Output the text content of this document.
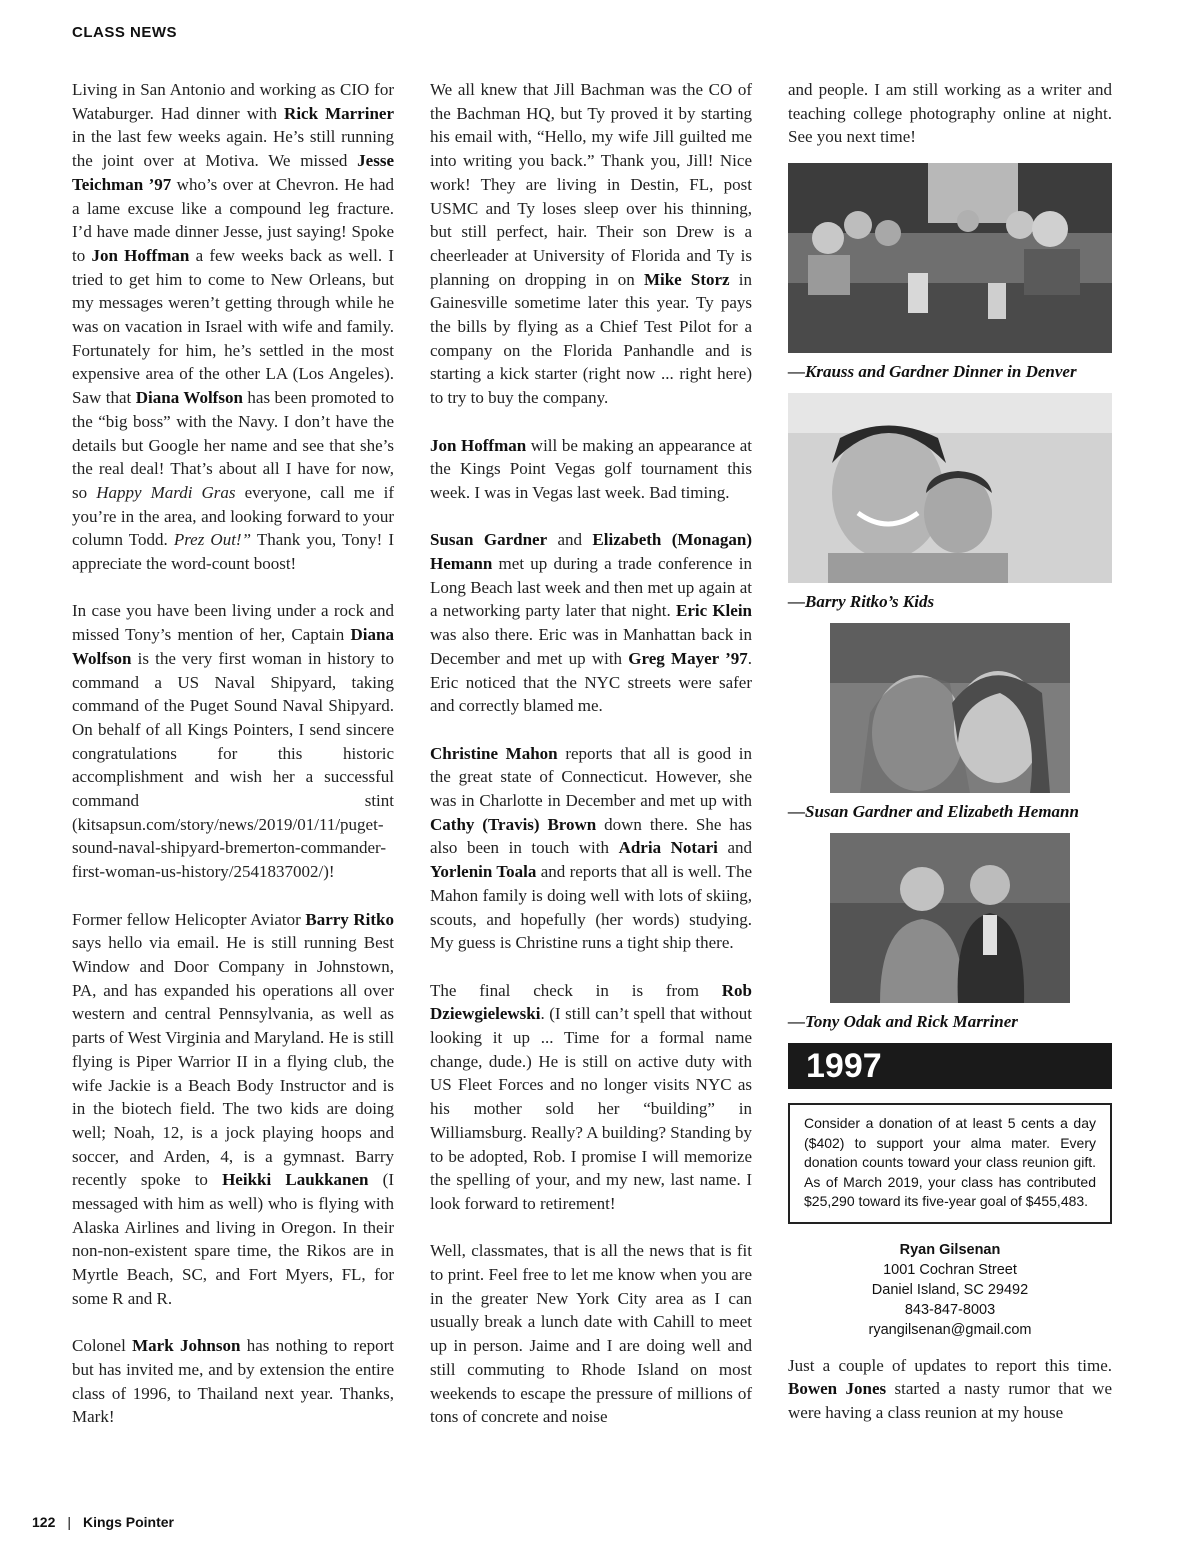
CLASS NEWS

Living in San Antonio and working as CIO for Wataburger. Had dinner with Rick Marriner in the last few weeks again. He’s still running the joint over at Motiva. We missed Jesse Teichman ’97 who’s over at Chevron. He had a lame excuse like a compound leg fracture. I’d have made dinner Jesse, just saying! Spoke to Jon Hoffman a few weeks back as well. I tried to get him to come to New Orleans, but my messages weren’t getting through while he was on vacation in Israel with wife and family. Fortunately for him, he’s settled in the most expensive area of the other LA (Los Angeles). Saw that Diana Wolfson has been promoted to the “big boss” with the Navy. I don’t have the details but Google her name and see that she’s the real deal! That’s about all I have for now, so Happy Mardi Gras everyone, call me if you’re in the area, and looking forward to your column Todd. Prez Out!” Thank you, Tony! I appreciate the word-count boost!

In case you have been living under a rock and missed Tony’s mention of her, Captain Diana Wolfson is the very first woman in history to command a US Naval Shipyard, taking command of the Puget Sound Naval Shipyard. On behalf of all Kings Pointers, I send sincere congratulations for this historic accomplishment and wish her a successful command stint (kitsapsun.com/story/news/2019/01/11/puget-sound-naval-shipyard-bremerton-commander-first-woman-us-history/2541837002/)!

Former fellow Helicopter Aviator Barry Ritko says hello via email. He is still running Best Window and Door Company in Johnstown, PA, and has expanded his operations all over western and central Pennsylvania, as well as parts of West Virginia and Maryland. He is still flying is Piper Warrior II in a flying club, the wife Jackie is a Beach Body Instructor and is in the biotech field. The two kids are doing well; Noah, 12, is a jock playing hoops and soccer, and Arden, 4, is a gymnast. Barry recently spoke to Heikki Laukkanen (I messaged with him as well) who is flying with Alaska Airlines and living in Oregon. In their non-non-existent spare time, the Rikos are in Myrtle Beach, SC, and Fort Myers, FL, for some R and R.

Colonel Mark Johnson has nothing to report but has invited me, and by extension the entire class of 1996, to Thailand next year. Thanks, Mark!

We all knew that Jill Bachman was the CO of the Bachman HQ, but Ty proved it by starting his email with, “Hello, my wife Jill guilted me into writing you back.” Thank you, Jill! Nice work! They are living in Destin, FL, post USMC and Ty loses sleep over his thinning, but still perfect, hair. Their son Drew is a cheerleader at University of Florida and Ty is planning on dropping in on Mike Storz in Gainesville sometime later this year. Ty pays the bills by flying as a Chief Test Pilot for a company on the Florida Panhandle and is starting a kick starter (right now ... right here) to try to buy the company.

Jon Hoffman will be making an appearance at the Kings Point Vegas golf tournament this week. I was in Vegas last week. Bad timing.

Susan Gardner and Elizabeth (Monagan) Hemann met up during a trade conference in Long Beach last week and then met up again at a networking party later that night. Eric Klein was also there. Eric was in Manhattan back in December and met up with Greg Mayer ’97. Eric noticed that the NYC streets were safer and correctly blamed me.

Christine Mahon reports that all is good in the great state of Connecticut. However, she was in Charlotte in December and met up with Cathy (Travis) Brown down there. She has also been in touch with Adria Notari and Yorlenin Toala and reports that all is well. The Mahon family is doing well with lots of skiing, scouts, and hopefully (her words) studying. My guess is Christine runs a tight ship there.

The final check in is from Rob Dziewgielewski. (I still can’t spell that without looking it up ... Time for a formal name change, dude.) He is still on active duty with US Fleet Forces and no longer visits NYC as his mother sold her “building” in Williamsburg. Really? A building? Standing by to be adopted, Rob. I promise I will memorize the spelling of your, and my new, last name. I look forward to retirement!

Well, classmates, that is all the news that is fit to print. Feel free to let me know when you are in the greater New York City area as I can usually break a lunch date with Cahill to meet up in person. Jaime and I are doing well and still commuting to Rhode Island on most weekends to escape the pressure of millions of tons of concrete and noise

and people. I am still working as a writer and teaching college photography online at night. See you next time!

—Krauss and Gardner Dinner in Denver
—Barry Ritko’s Kids
—Susan Gardner and Elizabeth Hemann
—Tony Odak and Rick Marriner
1997
Consider a donation of at least 5 cents a day ($402) to support your alma mater. Every donation counts toward your class reunion gift. As of March 2019, your class has contributed $25,290 toward its five-year goal of $455,483.
Ryan Gilsenan
1001 Cochran Street
Daniel Island, SC 29492
843-847-8003
ryangilsenan@gmail.com

Just a couple of updates to report this time. Bowen Jones started a nasty rumor that we were having a class reunion at my house

122 | Kings Pointer
